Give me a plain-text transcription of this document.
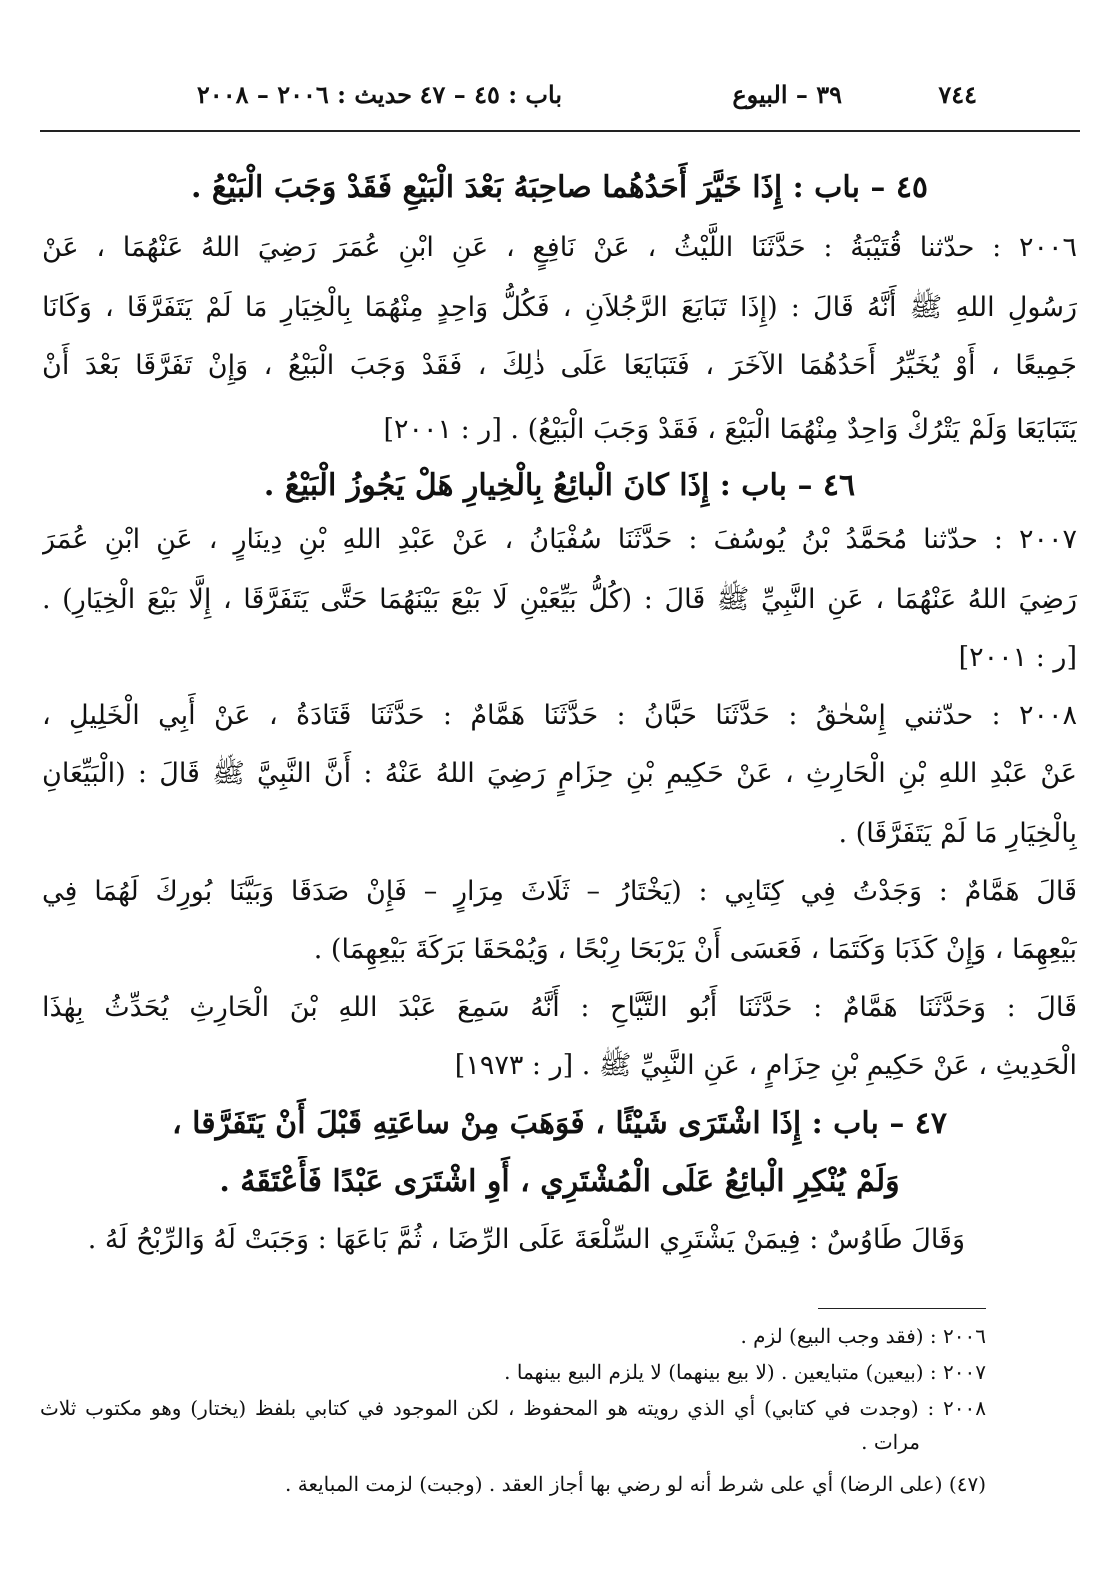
٧٤٤
٣٩ – البيوع
باب : ٤٥ – ٤٧
حديث : ٢٠٠٦ – ٢٠٠٨
٤٥ – باب : إِذَا خَيَّرَ أَحَدُهُما صاحِبَهُ بَعْدَ الْبَيْعِ فَقَدْ وَجَبَ الْبَيْعُ .
٢٠٠٦ : حدّثنا قُتَيْبَةُ : حَدَّثَنَا اللَّيْثُ ، عَنْ نَافِعٍ ، عَنِ ابْنِ عُمَرَ رَضِيَ اللهُ عَنْهُمَا ، عَنْ
رَسُولِ اللهِ ﷺ أَنَّهُ قَالَ : (إِذَا تَبَايَعَ الرَّجُلاَنِ ، فَكُلُّ وَاحِدٍ مِنْهُمَا بِالْخِيَارِ مَا لَمْ يَتَفَرَّقَا ، وَكَانَا
جَمِيعًا ، أَوْ يُخَيِّرُ أَحَدُهُمَا الآخَرَ ، فَتَبَايَعَا عَلَى ذٰلِكَ ، فَقَدْ وَجَبَ الْبَيْعُ ، وَإِنْ تَفَرَّقَا بَعْدَ أَنْ
يَتَبَايَعَا وَلَمْ يَتْرُكْ وَاحِدٌ مِنْهُمَا الْبَيْعَ ، فَقَدْ وَجَبَ الْبَيْعُ) . [ر : ٢٠٠١]
٤٦ – باب : إِذَا كانَ الْبائِعُ بِالْخِيارِ هَلْ يَجُوزُ الْبَيْعُ .
٢٠٠٧ : حدّثنا مُحَمَّدُ بْنُ يُوسُفَ : حَدَّثَنَا سُفْيَانُ ، عَنْ عَبْدِ اللهِ بْنِ دِينَارٍ ، عَنِ ابْنِ عُمَرَ
رَضِيَ اللهُ عَنْهُمَا ، عَنِ النَّبِيِّ ﷺ قَالَ : (كُلُّ بَيِّعَيْنِ لَا بَيْعَ بَيْنَهُمَا حَتَّى يَتَفَرَّقَا ، إِلَّا بَيْعَ الْخِيَارِ) .
[ر : ٢٠٠١]
٢٠٠٨ : حدّثني إِسْحٰقُ : حَدَّثَنَا حَبَّانُ : حَدَّثَنَا هَمَّامٌ : حَدَّثَنَا قَتَادَةُ ، عَنْ أَبِي الْخَلِيلِ ،
عَنْ عَبْدِ اللهِ بْنِ الْحَارِثِ ، عَنْ حَكِيمِ بْنِ حِزَامٍ رَضِيَ اللهُ عَنْهُ : أَنَّ النَّبِيَّ ﷺ قَالَ : (الْبَيِّعَانِ
بِالْخِيَارِ مَا لَمْ يَتَفَرَّقَا) .
قَالَ هَمَّامٌ : وَجَدْتُ فِي كِتَابِي : (يَخْتَارُ – ثَلَاثَ مِرَارٍ – فَإِنْ صَدَقَا وَبَيَّنَا بُورِكَ لَهُمَا فِي
بَيْعِهِمَا ، وَإِنْ كَذَبَا وَكَتَمَا ، فَعَسَى أَنْ يَرْبَحَا رِبْحًا ، وَيُمْحَقَا بَرَكَةَ بَيْعِهِمَا) .
قَالَ : وَحَدَّثَنَا هَمَّامٌ : حَدَّثَنَا أَبُو التَّيَّاحِ : أَنَّهُ سَمِعَ عَبْدَ اللهِ بْنَ الْحَارِثِ يُحَدِّثُ بِهٰذَا
الْحَدِيثِ ، عَنْ حَكِيمِ بْنِ حِزَامٍ ، عَنِ النَّبِيِّ ﷺ . [ر : ١٩٧٣]
٤٧ – باب : إِذَا اشْتَرَى شَيْئًا ، فَوَهَبَ مِنْ ساعَتِهِ قَبْلَ أَنْ يَتَفَرَّقا ،
وَلَمْ يُنْكِرِ الْبائِعُ عَلَى الْمُشْتَرِي ، أَوِ اشْتَرَى عَبْدًا فَأَعْتَقَهُ .
وَقَالَ طَاوُسٌ : فِيمَنْ يَشْتَرِي السِّلْعَةَ عَلَى الرِّضَا ، ثُمَّ بَاعَهَا : وَجَبَتْ لَهُ وَالرِّبْحُ لَهُ .
٢٠٠٦ : (فقد وجب البيع) لزم .
٢٠٠٧ : (بيعين) متبايعين . (لا بيع بينهما) لا يلزم البيع بينهما .
٢٠٠٨ : (وجدت في كتابي) أي الذي رويته هو المحفوظ ، لكن الموجود في كتابي بلفظ (يختار) وهو مكتوب ثلاث
مرات .
(٤٧) (على الرضا) أي على شرط أنه لو رضي بها أجاز العقد . (وجبت) لزمت المبايعة .
